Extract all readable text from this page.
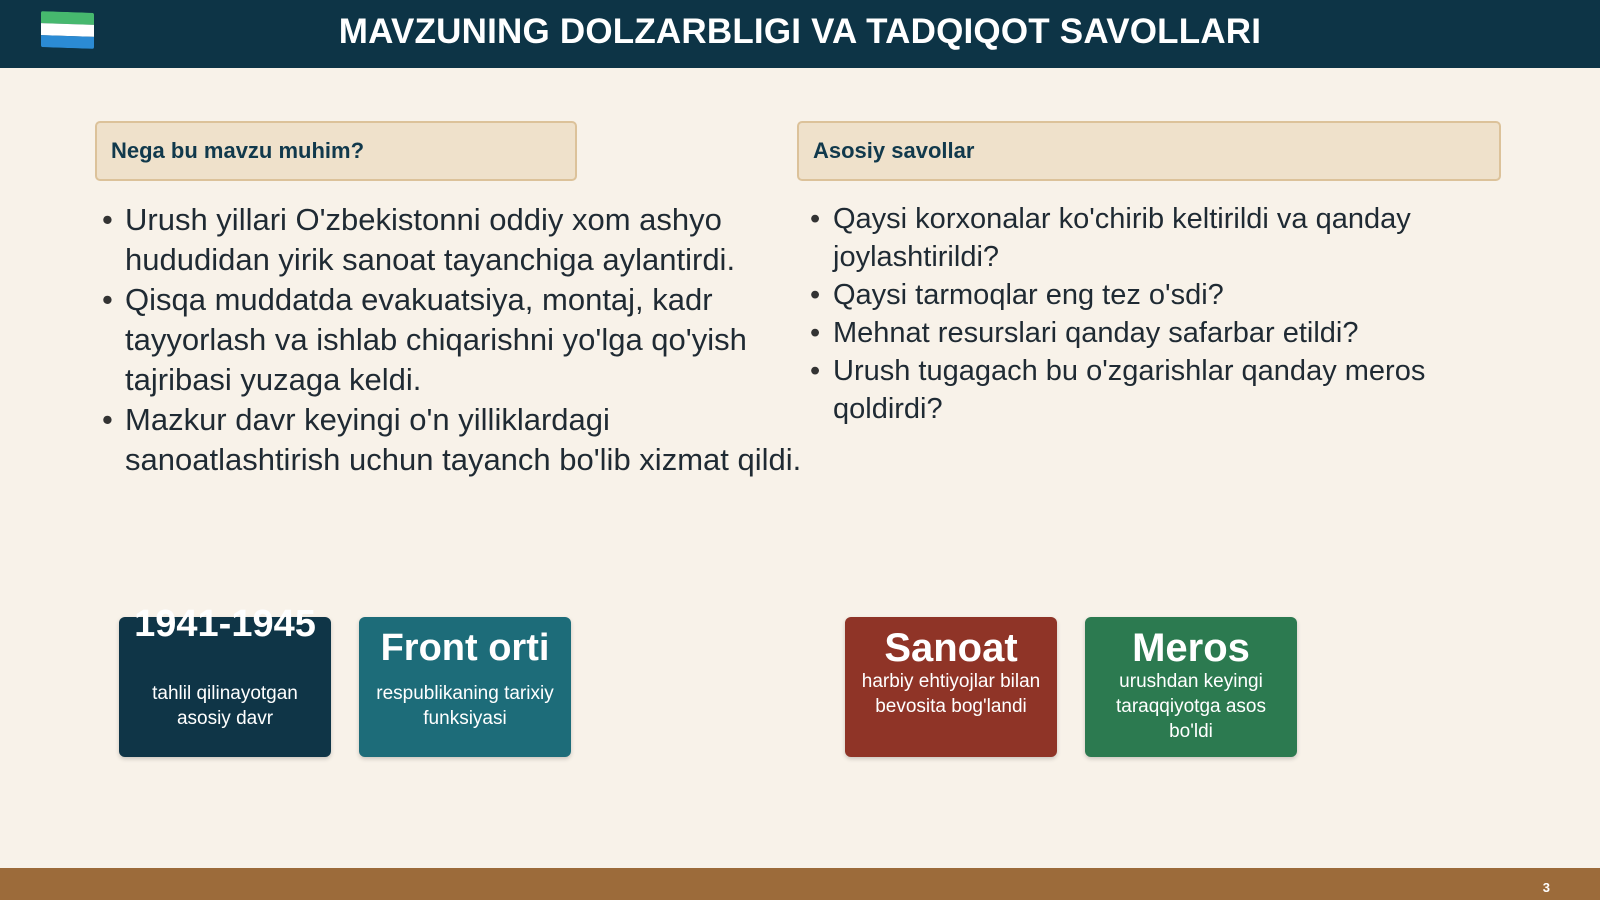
MAVZUNING DOLZARBLIGI VA TADQIQOT SAVOLLARI
Nega bu mavzu muhim?	Asosiy savollar
• Urush yillari O'zbekistonni oddiy xom ashyo hududidan yirik sanoat tayanchiga aylantirdi.
• Qisqa muddatda evakuatsiya, montaj, kadr tayyorlash va ishlab chiqarishni yo'lga qo'yish tajribasi yuzaga keldi.
• Mazkur davr keyingi o'n yilliklardagi sanoatlashtirish uchun tayanch bo'lib xizmat qildi.
• Qaysi korxonalar ko'chirib keltirildi va qanday joylashtirildi?
• Qaysi tarmoqlar eng tez o'sdi?
• Mehnat resurslari qanday safarbar etildi?
• Urush tugagach bu o'zgarishlar qanday meros qoldirdi?
1941-1945
tahlil qilinayotgan asosiy davr
Front orti
respublikaning tarixiy funksiyasi
Sanoat
harbiy ehtiyojlar bilan bevosita bog'landi
Meros
urushdan keyingi taraqqiyotga asos bo'ldi
3
